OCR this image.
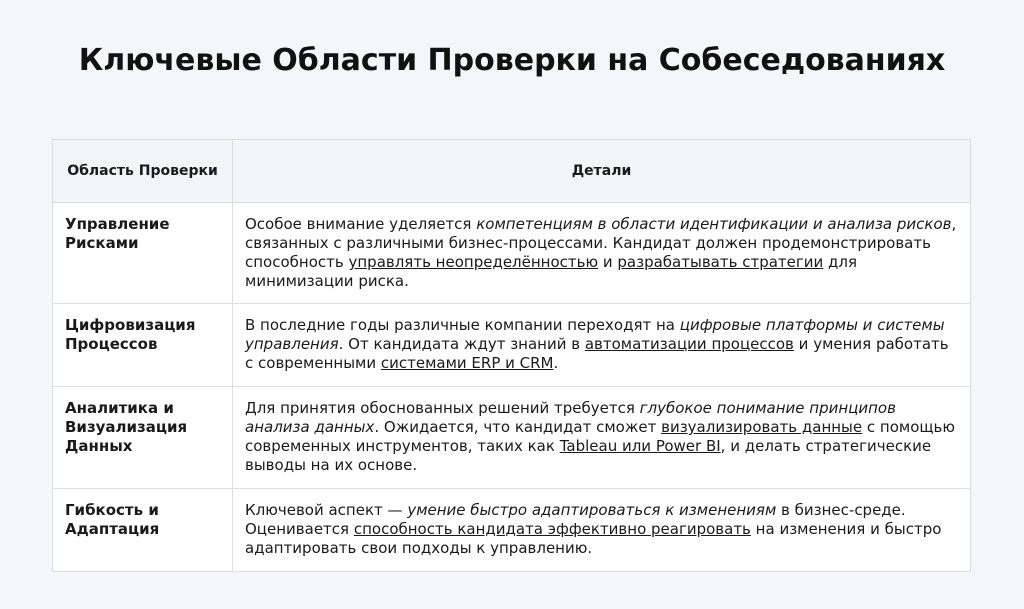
Ключевые Области Проверки на Собеседованиях
Область Проверки	Детали
Управление Рисками	Особое внимание уделяется компетенциям в области идентификации и анализа рисков, связанных с различными бизнес-процессами. Кандидат должен продемонстрировать способность управлять неопределённостью и разрабатывать стратегии для минимизации риска.
Цифровизация Процессов	В последние годы различные компании переходят на цифровые платформы и системы управления. От кандидата ждут знаний в автоматизации процессов и умения работать с современными системами ERP и CRM.
Аналитика и Визуализация Данных	Для принятия обоснованных решений требуется глубокое понимание принципов анализа данных. Ожидается, что кандидат сможет визуализировать данные с помощью современных инструментов, таких как Tableau или Power BI, и делать стратегические выводы на их основе.
Гибкость и Адаптация	Ключевой аспект — умение быстро адаптироваться к изменениям в бизнес-среде. Оценивается способность кандидата эффективно реагировать на изменения и быстро адаптировать свои подходы к управлению.
